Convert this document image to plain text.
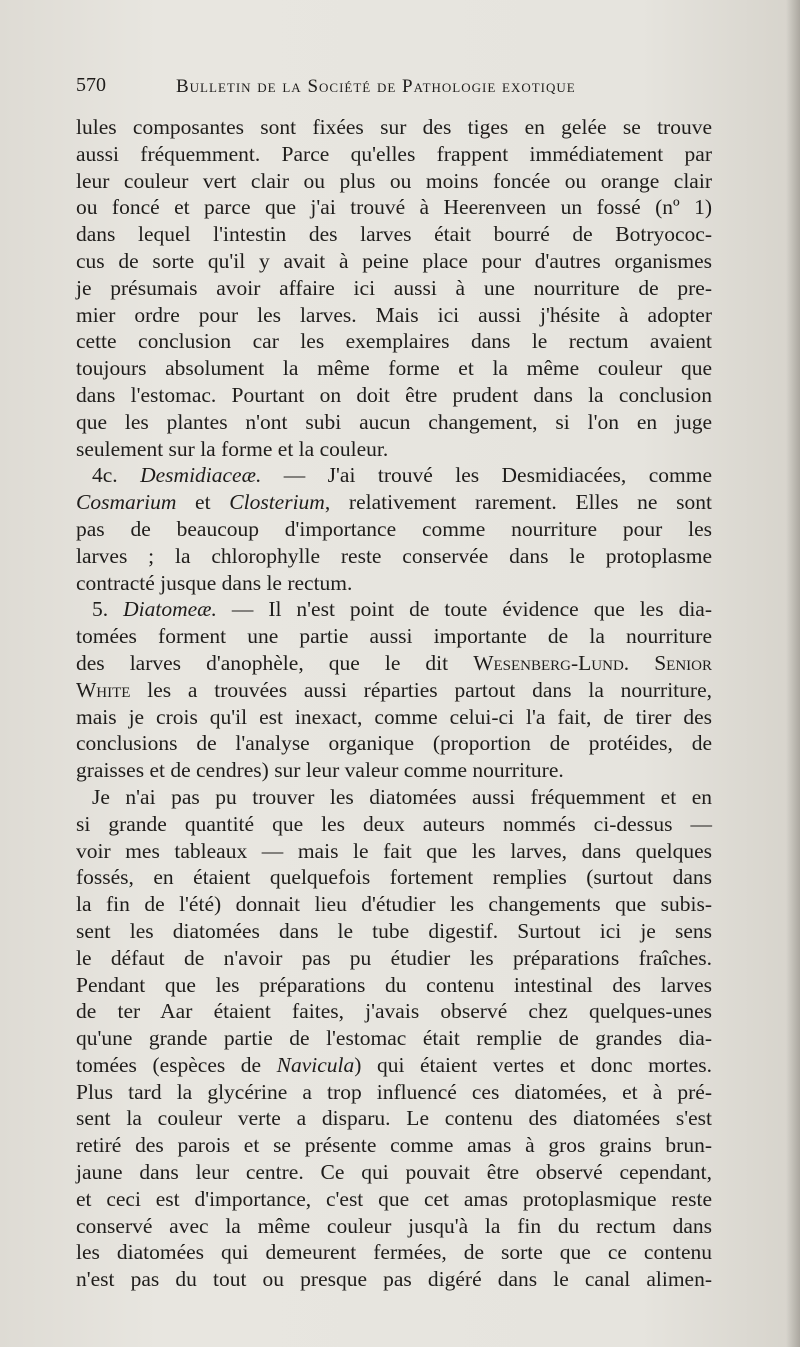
570	Bulletin de la Société de Pathologie exotique
lules composantes sont fixées sur des tiges en gelée se trouve
aussi fréquemment. Parce qu'elles frappent immédiatement par
leur couleur vert clair ou plus ou moins foncée ou orange clair
ou foncé et parce que j'ai trouvé à Heerenveen un fossé (nº 1)
dans lequel l'intestin des larves était bourré de Botryococ-
cus de sorte qu'il y avait à peine place pour d'autres organismes
je présumais avoir affaire ici aussi à une nourriture de pre-
mier ordre pour les larves. Mais ici aussi j'hésite à adopter
cette conclusion car les exemplaires dans le rectum avaient
toujours absolument la même forme et la même couleur que
dans l'estomac. Pourtant on doit être prudent dans la conclusion
que les plantes n'ont subi aucun changement, si l'on en juge
seulement sur la forme et la couleur.
4c. Desmidiaceæ. — J'ai trouvé les Desmidiacées, comme
Cosmarium et Closterium, relativement rarement. Elles ne sont
pas de beaucoup d'importance comme nourriture pour les
larves ; la chlorophylle reste conservée dans le protoplasme
contracté jusque dans le rectum.
5. Diatomeæ. — Il n'est point de toute évidence que les dia-
tomées forment une partie aussi importante de la nourriture
des larves d'anophèle, que le dit Wesenberg-Lund. Senior
White les a trouvées aussi réparties partout dans la nourriture,
mais je crois qu'il est inexact, comme celui-ci l'a fait, de tirer des
conclusions de l'analyse organique (proportion de protéides, de
graisses et de cendres) sur leur valeur comme nourriture.
Je n'ai pas pu trouver les diatomées aussi fréquemment et en
si grande quantité que les deux auteurs nommés ci-dessus —
voir mes tableaux — mais le fait que les larves, dans quelques
fossés, en étaient quelquefois fortement remplies (surtout dans
la fin de l'été) donnait lieu d'étudier les changements que subis-
sent les diatomées dans le tube digestif. Surtout ici je sens
le défaut de n'avoir pas pu étudier les préparations fraîches.
Pendant que les préparations du contenu intestinal des larves
de ter Aar étaient faites, j'avais observé chez quelques-unes
qu'une grande partie de l'estomac était remplie de grandes dia-
tomées (espèces de Navicula) qui étaient vertes et donc mortes.
Plus tard la glycérine a trop influencé ces diatomées, et à pré-
sent la couleur verte a disparu. Le contenu des diatomées s'est
retiré des parois et se présente comme amas à gros grains brun-
jaune dans leur centre. Ce qui pouvait être observé cependant,
et ceci est d'importance, c'est que cet amas protoplasmique reste
conservé avec la même couleur jusqu'à la fin du rectum dans
les diatomées qui demeurent fermées, de sorte que ce contenu
n'est pas du tout ou presque pas digéré dans le canal alimen-
